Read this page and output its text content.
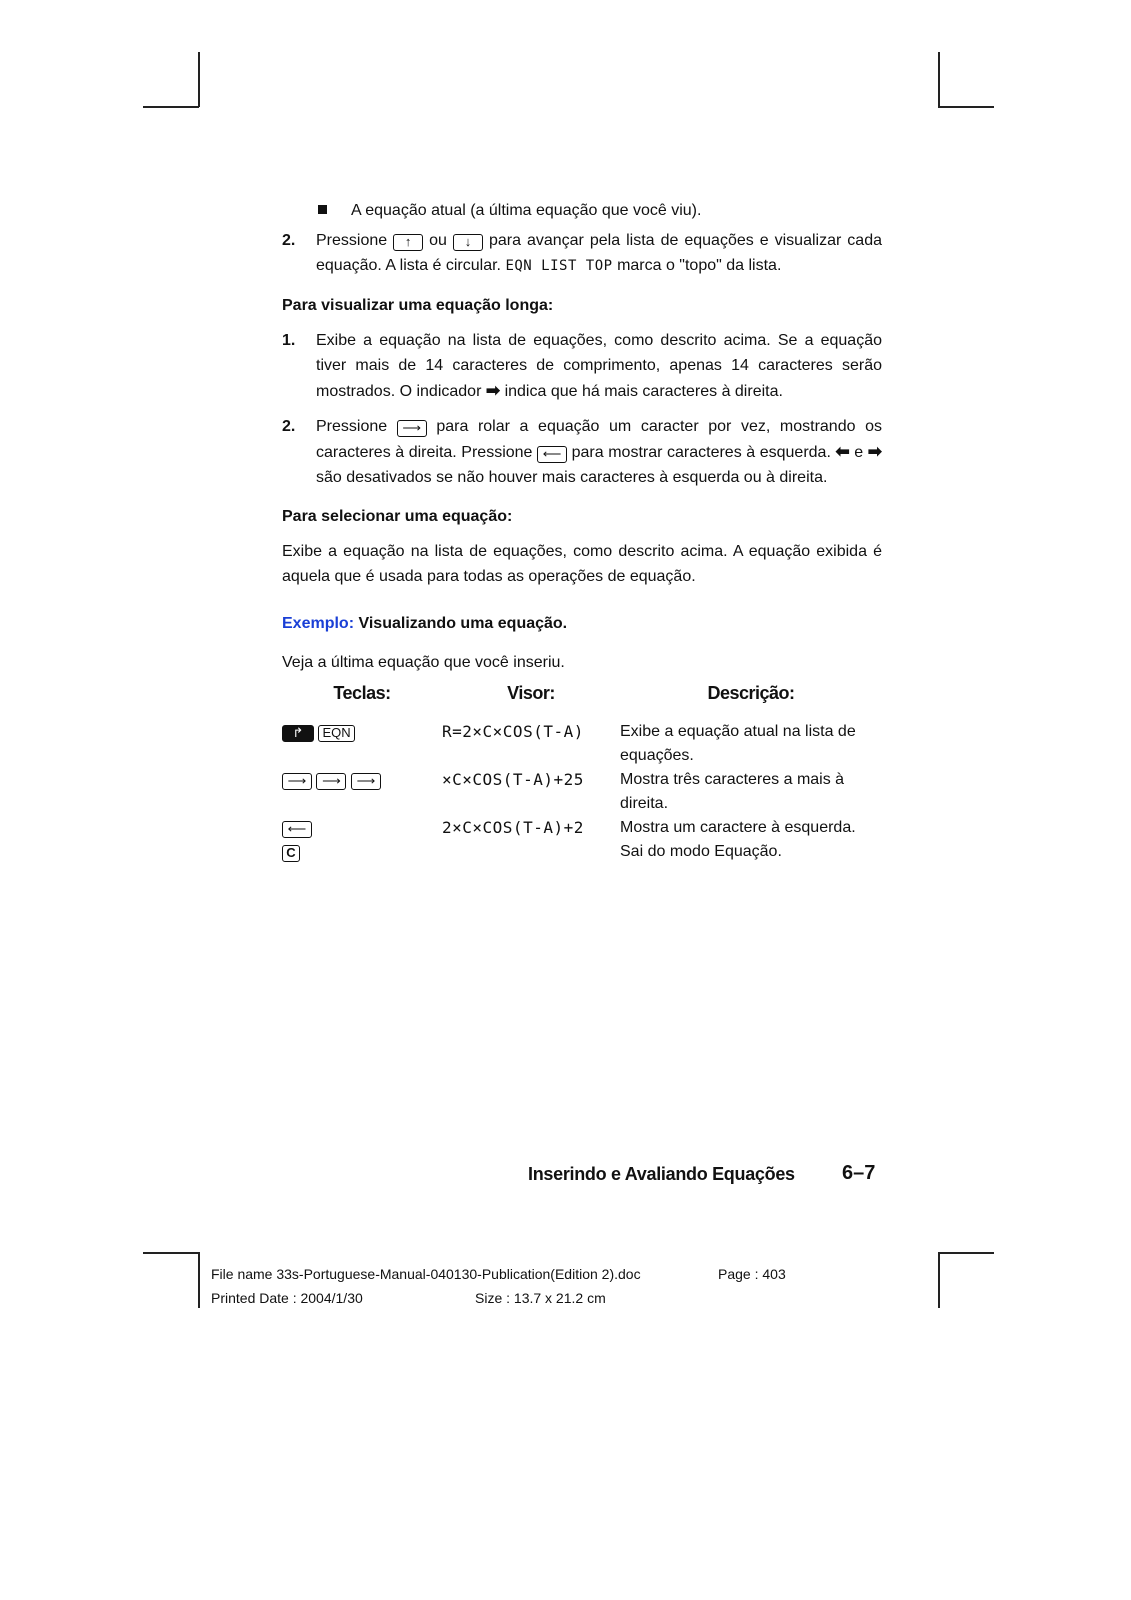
A equação atual (a última equação que você viu).
2. Pressione ↑ ou ↓ para avançar pela lista de equações e visualizar cada equação. A lista é circular. EQN LIST TOP marca o "topo" da lista.
Para visualizar uma equação longa:
1. Exibe a equação na lista de equações, como descrito acima. Se a equação tiver mais de 14 caracteres de comprimento, apenas 14 caracteres serão mostrados. O indicador ➡ indica que há mais caracteres à direita.
2. Pressione ⟶ para rolar a equação um caracter por vez, mostrando os caracteres à direita. Pressione ⟵ para mostrar caracteres à esquerda. ⬅ e ➡ são desativados se não houver mais caracteres à esquerda ou à direita.
Para selecionar uma equação:

Exibe a equação na lista de equações, como descrito acima. A equação exibida é aquela que é usada para todas as operações de equação.

Exemplo: Visualizando uma equação.

Veja a última equação que você inseriu.

Teclas:	Visor:	Descrição:
↱ EQN	R=2×C×COS(T-A)	Exibe a equação atual na lista de equações.
⟶ ⟶ ⟶	×C×COS(T-A)+25	Mostra três caracteres a mais à direita.
⟵	2×C×COS(T-A)+2	Mostra um caractere à esquerda.
C		Sai do modo Equação.
Inserindo e Avaliando Equações 6–7
File name 33s-Portuguese-Manual-040130-Publication(Edition 2).doc	Page : 403
Printed Date : 2004/1/30	Size : 13.7 x 21.2 cm
